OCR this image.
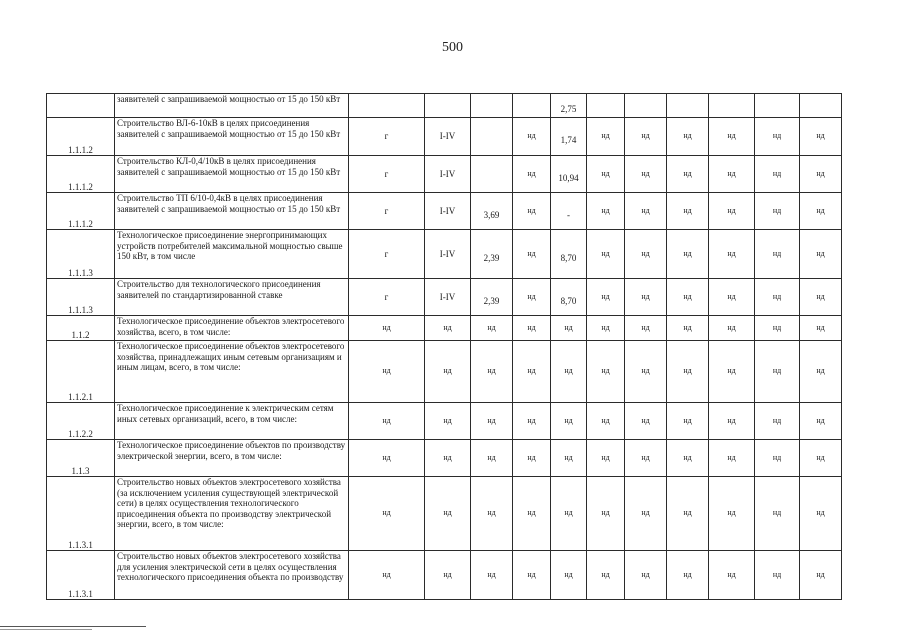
500
	заявителей с запрашиваемой мощностью от 15 до 150 кВт					2,75						
1.1.1.2	Строительство ВЛ-6-10кВ в целях присоединения заявителей с запрашиваемой мощностью от 15 до 150 кВт	г	I-IV		нд	1,74	нд	нд	нд	нд	нд	нд
1.1.1.2	Строительство КЛ-0,4/10кВ в целях присоединения заявителей с запрашиваемой мощностью от 15 до 150 кВт	г	I-IV		нд	10,94	нд	нд	нд	нд	нд	нд
1.1.1.2	Строительство ТП 6/10-0,4кВ в целях присоединения заявителей с запрашиваемой мощностью от 15 до 150 кВт	г	I-IV	3,69	нд	-	нд	нд	нд	нд	нд	нд
1.1.1.3	Технологическое присоединение энергопринимающих устройств потребителей максимальной мощностью свыше 150 кВт, в том числе	г	I-IV	2,39	нд	8,70	нд	нд	нд	нд	нд	нд
1.1.1.3	Строительство для технологического присоединения заявителей по стандартизированной ставке	г	I-IV	2,39	нд	8,70	нд	нд	нд	нд	нд	нд
1.1.2	Технологическое присоединение объектов электросетевого хозяйства, всего, в том числе:	нд	нд	нд	нд	нд	нд	нд	нд	нд	нд	нд
1.1.2.1	Технологическое присоединение объектов электросетевого хозяйства, принадлежащих иным сетевым организациям и иным лицам, всего, в том числе:	нд	нд	нд	нд	нд	нд	нд	нд	нд	нд	нд
1.1.2.2	Технологическое присоединение к электрическим сетям иных сетевых организаций, всего, в том числе:	нд	нд	нд	нд	нд	нд	нд	нд	нд	нд	нд
1.1.3	Технологическое присоединение объектов по производству электрической энергии, всего, в том числе:	нд	нд	нд	нд	нд	нд	нд	нд	нд	нд	нд
1.1.3.1	Строительство новых объектов электросетевого хозяйства (за исключением усиления существующей электрической сети) в целях осуществления технологического присоединения объекта по производству электрической энергии, всего, в том числе:	нд	нд	нд	нд	нд	нд	нд	нд	нд	нд	нд
1.1.3.1	Строительство новых объектов электросетевого хозяйства для усиления электрической сети в целях осуществления технологического присоединения объекта по производству	нд	нд	нд	нд	нд	нд	нд	нд	нд	нд	нд
